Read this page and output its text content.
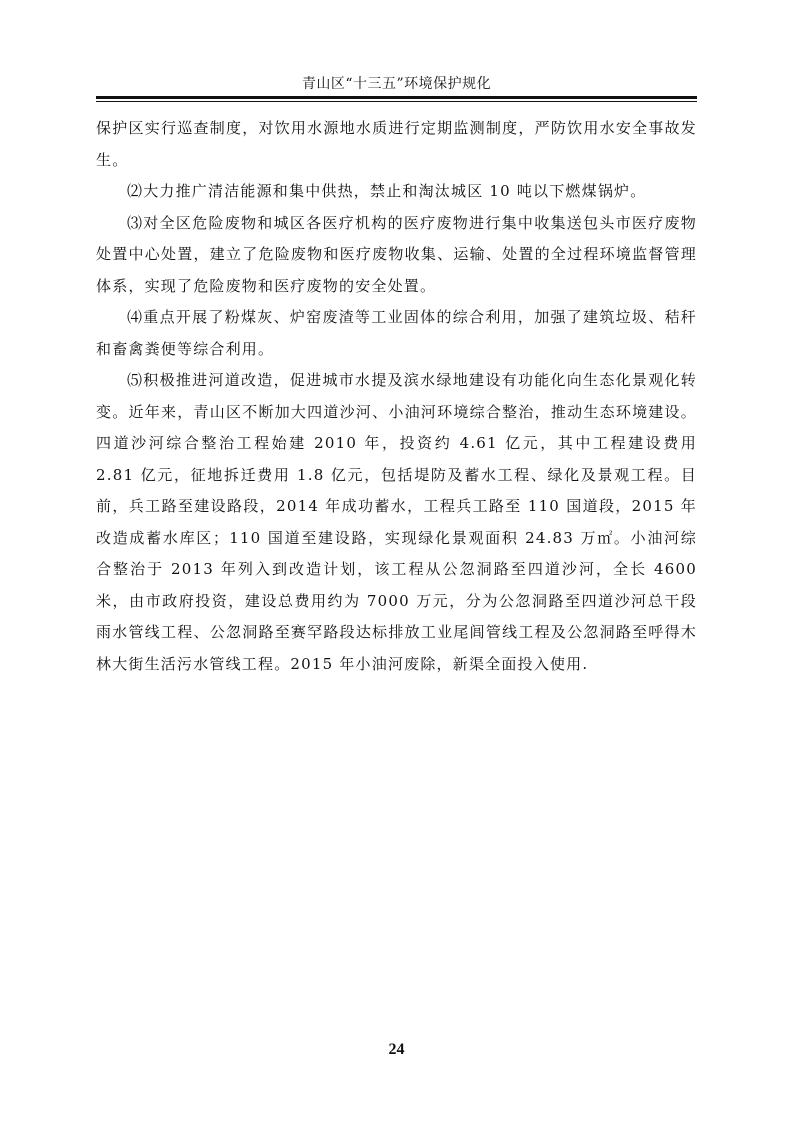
青山区“十三五”环境保护规化

保护区实行巡查制度，对饮用水源地水质进行定期监测制度，严防饮用水安全事故发生。

⑵大力推广清洁能源和集中供热，禁止和淘汰城区 10 吨以下燃煤锅炉。

⑶对全区危险废物和城区各医疗机构的医疗废物进行集中收集送包头市医疗废物处置中心处置，建立了危险废物和医疗废物收集、运输、处置的全过程环境监督管理体系，实现了危险废物和医疗废物的安全处置。

⑷重点开展了粉煤灰、炉窑废渣等工业固体的综合利用，加强了建筑垃圾、秸秆和畜禽粪便等综合利用。

⑸积极推进河道改造，促进城市水提及滨水绿地建设有功能化向生态化景观化转变。近年来，青山区不断加大四道沙河、小油河环境综合整治，推动生态环境建设。四道沙河综合整治工程始建 2010 年，投资约 4.61 亿元，其中工程建设费用 2.81 亿元，征地拆迁费用 1.8 亿元，包括堤防及蓄水工程、绿化及景观工程。目前，兵工路至建设路段，2014 年成功蓄水，工程兵工路至 110 国道段，2015 年改造成蓄水库区；110 国道至建设路，实现绿化景观面积 24.83 万㎡。小油河综合整治于 2013 年列入到改造计划，该工程从公忽洞路至四道沙河，全长 4600 米，由市政府投资，建设总费用约为 7000 万元，分为公忽洞路至四道沙河总干段雨水管线工程、公忽洞路至赛罕路段达标排放工业尾闾管线工程及公忽洞路至呼得木林大街生活污水管线工程。2015 年小油河废除，新渠全面投入使用.

24
